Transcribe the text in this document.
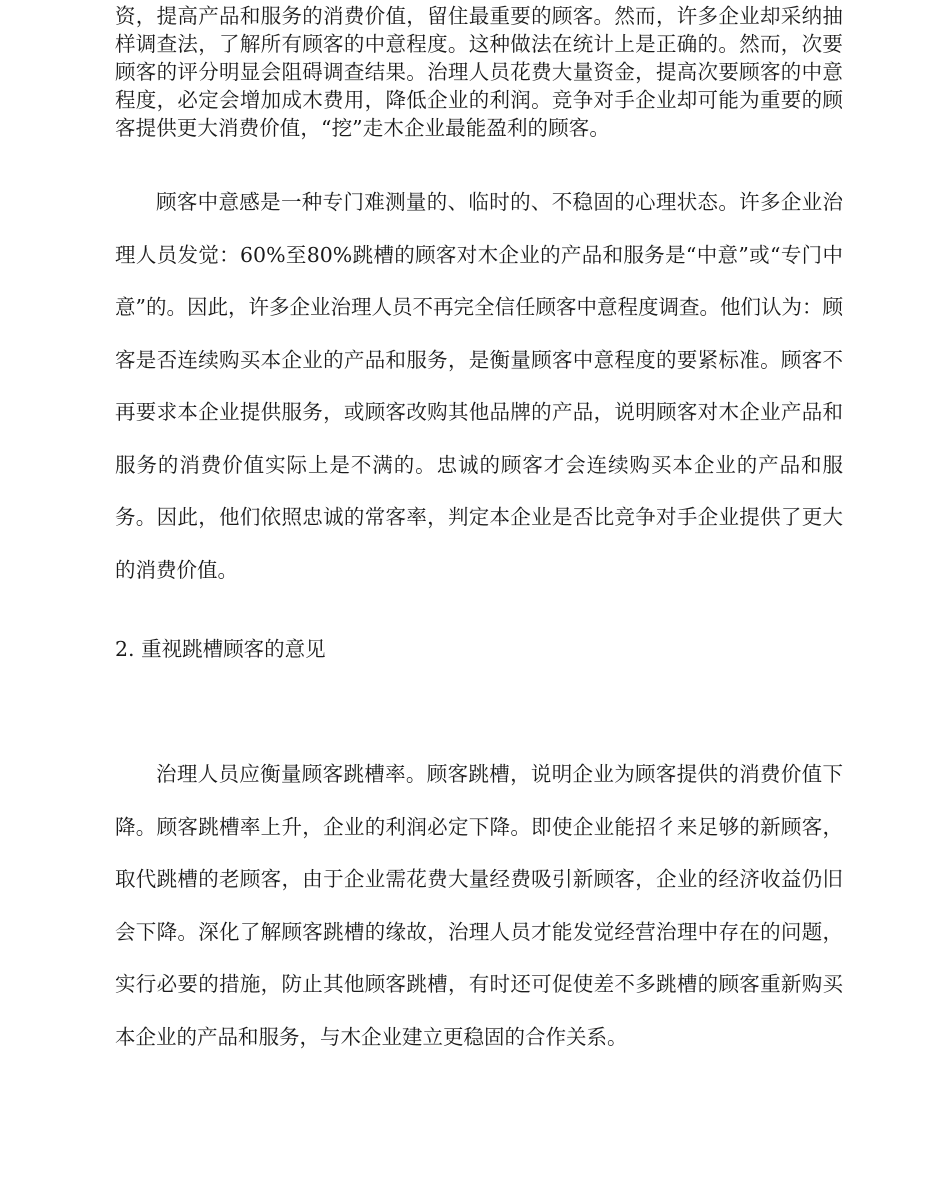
资，提高产品和服务的消费价值，留住最重要的顾客。然而，许多企业却采纳抽样调查法，了解所有顾客的中意程度。这种做法在统计上是正确的。然而，次要顾客的评分明显会阻碍调查结果。治理人员花费大量资金，提高次要顾客的中意程度，必定会增加成木费用，降低企业的利润。竞争对手企业却可能为重要的顾客提供更大消费价值，“挖”走木企业最能盈利的顾客。

顾客中意感是一种专门难测量的、临时的、不稳固的心理状态。许多企业治理人员发觉：60%至80%跳槽的顾客对木企业的产品和服务是“中意”或“专门中意”的。因此，许多企业治理人员不再完全信任顾客中意程度调查。他们认为：顾客是否连续购买本企业的产品和服务，是衡量顾客中意程度的要紧标准。顾客不再要求本企业提供服务，或顾客改购其他品牌的产品，说明顾客对木企业产品和服务的消费价值实际上是不满的。忠诚的顾客才会连续购买本企业的产品和服务。因此，他们依照忠诚的常客率，判定本企业是否比竞争对手企业提供了更大的消费价值。

2. 重视跳槽顾客的意见

治理人员应衡量顾客跳槽率。顾客跳槽，说明企业为顾客提供的消费价值下降。顾客跳槽率上升，企业的利润必定下降。即使企业能招彳来足够的新顾客，取代跳槽的老顾客，由于企业需花费大量经费吸引新顾客，企业的经济收益仍旧会下降。深化了解顾客跳槽的缘故，治理人员才能发觉经营治理中存在的问题，实行必要的措施，防止其他顾客跳槽，有时还可促使差不多跳槽的顾客重新购买本企业的产品和服务，与木企业建立更稳固的合作关系。
